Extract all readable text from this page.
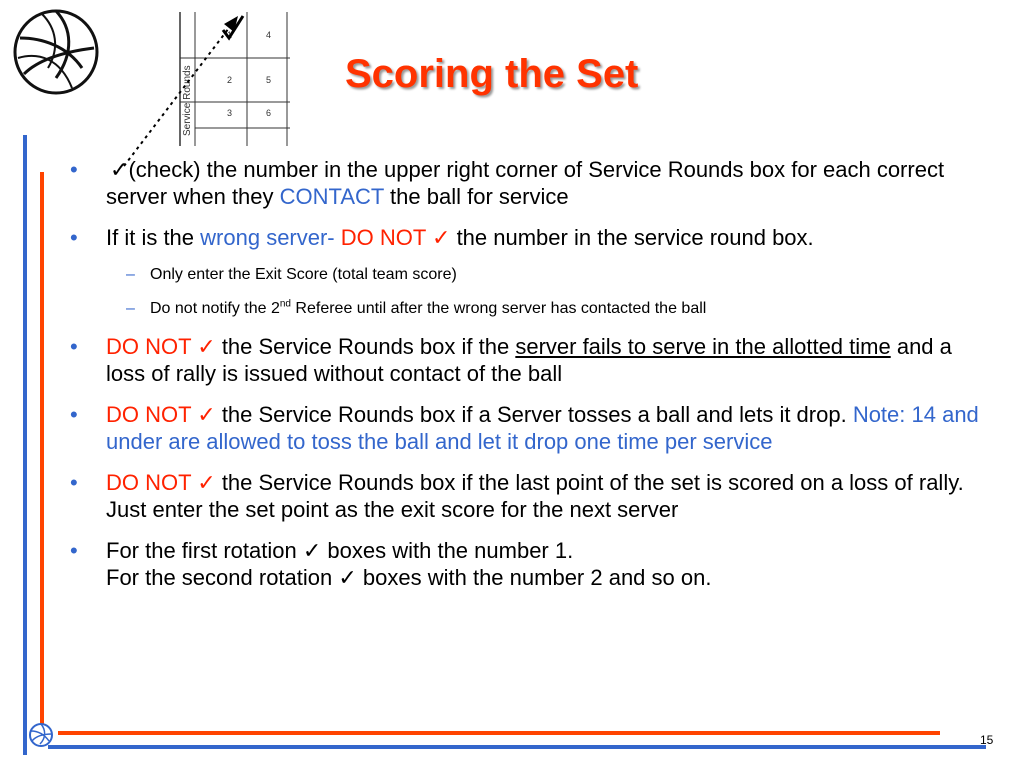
Service Rounds
1	4
2	5
3	6
Scoring the Set
• ✓(check) the number in the upper right corner of Service Rounds box for each correct server when they CONTACT the ball for service
• If it is the wrong server- DO NOT ✓ the number in the service round box.
– Only enter the Exit Score (total team score)
– Do not notify the 2nd Referee until after the wrong server has contacted the ball
• DO NOT ✓ the Service Rounds box if the server fails to serve in the allotted time and a loss of rally is issued without contact of the ball
• DO NOT ✓ the Service Rounds box if a Server tosses a ball and lets it drop. Note: 14 and under are allowed to toss the ball and let it drop one time per service
• DO NOT ✓ the Service Rounds box if the last point of the set is scored on a loss of rally. Just enter the set point as the exit score for the next server
• For the first rotation ✓ boxes with the number 1.
For the second rotation ✓ boxes with the number 2 and so on.
15
